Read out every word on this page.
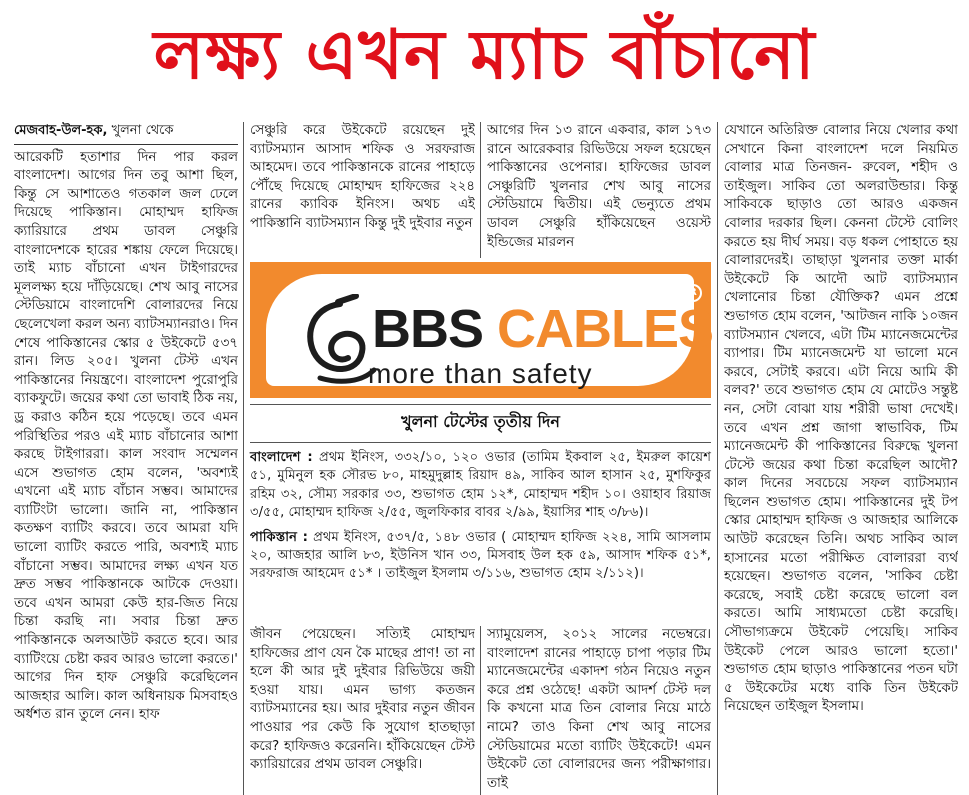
লক্ষ্য এখন ম্যাচ বাঁচানো
মেজবাহ-উল-হক, খুলনা থেকে

আরেকটি হতাশার দিন পার করল বাংলাদেশ। আগের দিন তবু আশা ছিল, কিন্তু সে আশাতেও গতকাল জল ঢেলে দিয়েছে পাকিস্তান। মোহাম্মদ হাফিজ ক্যারিয়ারে প্রথম ডাবল সেঞ্চুরি বাংলাদেশকে হারের শঙ্কায় ফেলে দিয়েছে। তাই ম্যাচ বাঁচানো এখন টাইগারদের মূললক্ষ্য হয়ে দাঁড়িয়েছে। শেখ আবু নাসের স্টেডিয়ামে বাংলাদেশি বোলারদের নিয়ে ছেলেখেলা করল অন্য ব্যাটসম্যানরাও। দিন শেষে পাকিস্তানের স্কোর ৫ উইকেটে ৫৩৭ রান। লিড ২০৫। খুলনা টেস্ট এখন পাকিস্তানের নিয়ন্ত্রণে। বাংলাদেশ পুরোপুরি ব্যাকফুটে। জয়ের কথা তো ভাবাই ঠিক নয়, ড্র করাও কঠিন হয়ে পড়েছে। তবে এমন পরিস্থিতির পরও এই ম্যাচ বাঁচানোর আশা করছে টাইগাররা। কাল সংবাদ সম্মেলন এসে শুভাগত হোম বলেন, 'অবশ্যই এখনো এই ম্যাচ বাঁচান সম্ভব। আমাদের ব্যাটিংটা ভালো। জানি না, পাকিস্তান কতক্ষণ ব্যাটিং করবে। তবে আমরা যদি ভালো ব্যাটিং করতে পারি, অবশ্যই ম্যাচ বাঁচানো সম্ভব। আমাদের লক্ষ্য এখন যত দ্রুত সম্ভব পাকিস্তানকে আটকে দেওয়া। তবে এখন আমরা কেউ হার-জিত নিয়ে চিন্তা করছি না। সবার চিন্তা দ্রুত পাকিস্তানকে অলআউট করতে হবে। আর ব্যাটিংয়ে চেষ্টা করব আরও ভালো করতে।' আগের দিন হাফ সেঞ্চুরি করেছিলেন আজহার আলি। কাল অধিনায়ক মিসবাহও অর্ধশত রান তুলে নেন। হাফ

সেঞ্চুরি করে উইকেটে রয়েছেন দুই ব্যাটসম্যান আসাদ শফিক ও সরফরাজ আহমেদ। তবে পাকিস্তানকে রানের পাহাড়ে পৌঁছে দিয়েছে মোহাম্মদ হাফিজের ২২৪ রানের ক্যাবিক ইনিংস। অথচ এই পাকিস্তানি ব্যাটসম্যান কিন্তু দুই দুইবার নতুন

আগের দিন ১৩ রানে একবার, কাল ১৭৩ রানে আরেকবার রিভিউয়ে সফল হয়েছেন পাকিস্তানের ওপেনার। হাফিজের ডাবল সেঞ্চুরিটি খুলনার শেখ আবু নাসের স্টেডিয়ামে দ্বিতীয়। এই ভেন্যুতে প্রথম ডাবল সেঞ্চুরি হাঁকিয়েছেন ওয়েস্ট ইন্ডিজের মারলন

যেখানে অতিরিক্ত বোলার নিয়ে খেলার কথা সেখানে কিনা বাংলাদেশ দলে নিয়মিত বোলার মাত্র তিনজন- রুবেল, শহীদ ও তাইজুল। সাকিব তো অলরাউন্ডার। কিন্তু সাকিবকে ছাড়াও তো আরও একজন বোলার দরকার ছিল। কেননা টেস্টে বোলিং করতে হয় দীর্ঘ সময়। বড় ধকল পোহাতে হয় বোলারদেরই। তাছাড়া খুলনার তক্তা মার্কা উইকেটে কি আদৌ আট ব্যাটসম্যান খেলানোর চিন্তা যৌক্তিক? এমন প্রশ্নে শুভাগত হোম বলেন, 'আটজন নাকি ১০জন ব্যাটসম্যান খেলবে, এটা টিম ম্যানেজমেন্টের ব্যাপার। টিম ম্যানেজমেন্ট যা ভালো মনে করবে, সেটাই করবে। এটা নিয়ে আমি কী বলব?' তবে শুভাগত হোম যে মোটেও সন্তুষ্ট নন, সেটা বোঝা যায় শরীরী ভাষা দেখেই। তবে এখন প্রশ্ন জাগা স্বাভাবিক, টিম ম্যানেজমেন্ট কী পাকিস্তানের বিরুদ্ধে খুলনা টেস্টে জয়ের কথা চিন্তা করেছিল আদৌ? কাল দিনের সবচেয়ে সফল ব্যাটসম্যান ছিলেন শুভাগত হোম। পাকিস্তানের দুই টপ স্কোর মোহাম্মদ হাফিজ ও আজহার আলিকে আউট করেছেন তিনি। অথচ সাকিব আল হাসানের মতো পরীক্ষিত বোলাররা ব্যর্থ হয়েছেন। শুভাগত বলেন, 'সাকিব চেষ্টা করেছে, সবাই চেষ্টা করেছে ভালো বল করতে। আমি সাধ্যমতো চেষ্টা করেছি। সৌভাগ্যক্রমে উইকেট পেয়েছি। সাকিব উইকেট পেলে আরও ভালো হতো।' শুভাগত হোম ছাড়াও পাকিস্তানের পতন ঘটা ৫ উইকেটের মধ্যে বাকি তিন উইকেট নিয়েছেন তাইজুল ইসলাম।

BBS CABLES
more than safety
R
খুলনা টেস্টের তৃতীয় দিন

বাংলাদেশ : প্রথম ইনিংস, ৩৩২/১০, ১২০ ওভার (তামিম ইকবাল ২৫, ইমরুল কায়েশ ৫১, মুমিনুল হক সৌরভ ৮০, মাহমুদুল্লাহ রিয়াদ ৪৯, সাকিব আল হাসান ২৫, মুশফিকুর রহিম ৩২, সৌম্য সরকার ৩৩, শুভাগত হোম ১২*, মোহাম্মদ শহীদ ১০। ওয়াহাব রিয়াজ ৩/৫৫, মোহাম্মদ হাফিজ ২/৫৫, জুলফিকার বাবর ২/৯৯, ইয়াসির শাহ ৩/৮৬)।

পাকিস্তান : প্রথম ইনিংস, ৫৩৭/৫, ১৪৮ ওভার ( মোহাম্মদ হাফিজ ২২৪, সামি আসলাম ২০, আজহার আলি ৮৩, ইউনিস খান ৩৩, মিসবাহ উল হক ৫৯, আসাদ শফিক ৫১*, সরফরাজ আহমেদ ৫১* । তাইজুল ইসলাম ৩/১১৬, শুভাগত হোম ২/১১২)।

জীবন পেয়েছেন। সত্যিই মোহাম্মদ হাফিজের প্রাণ যেন কৈ মাছের প্রাণ! তা না হলে কী আর দুই দুইবার রিভিউয়ে জয়ী হওয়া যায়। এমন ভাগ্য কতজন ব্যাটসম্যানের হয়। আর দুইবার নতুন জীবন পাওয়ার পর কেউ কি সুযোগ হাতছাড়া করে? হাফিজও করেননি। হাঁকিয়েছেন টেস্ট ক্যারিয়ারের প্রথম ডাবল সেঞ্চুরি।

স্যামুয়েলস, ২০১২ সালের নভেম্বরে। বাংলাদেশ রানের পাহাড়ে চাপা পড়ার টিম ম্যানেজমেন্টের একাদশ গঠন নিয়েও নতুন করে প্রশ্ন ওঠেছে! একটা আদর্শ টেস্ট দল কি কখনো মাত্র তিন বোলার নিয়ে মাঠে নামে? তাও কিনা শেখ আবু নাসের স্টেডিয়ামের মতো ব্যাটিং উইকেটে! এমন উইকেট তো বোলারদের জন্য পরীক্ষাগার। তাই
